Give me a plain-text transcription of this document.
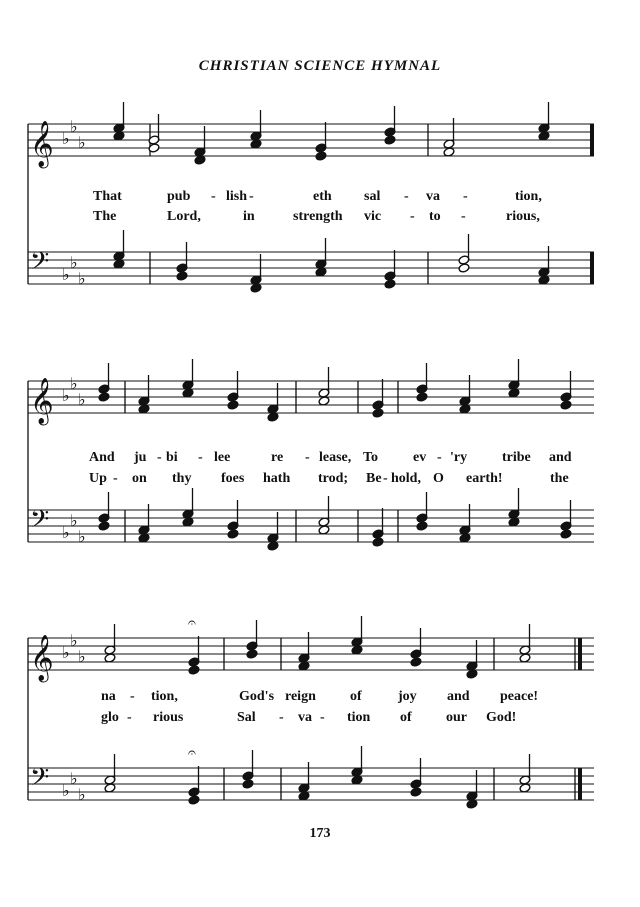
CHRISTIAN SCIENCE HYMNAL
𝄞 ♭
♭
♭
𝄢 ♭
♭
♭
𝄞 ♭
♭
♭
𝄢 ♭
♭
♭
𝄞 ♭
♭
♭
𝄢 ♭
♭
♭
𝄐
𝄐
That	pub - lish -	eth sal - va -	tion,
The	Lord,	in	strength vic - to -	rious,
And ju - bi - lee	re - lease, To ev - 'ry tribe and
Up - on thy foes hath trod; Be - hold, O earth!	the
na - tion,	God's reign of	joy and peace!
glo - rious	Sal - va - tion of our God!
173
